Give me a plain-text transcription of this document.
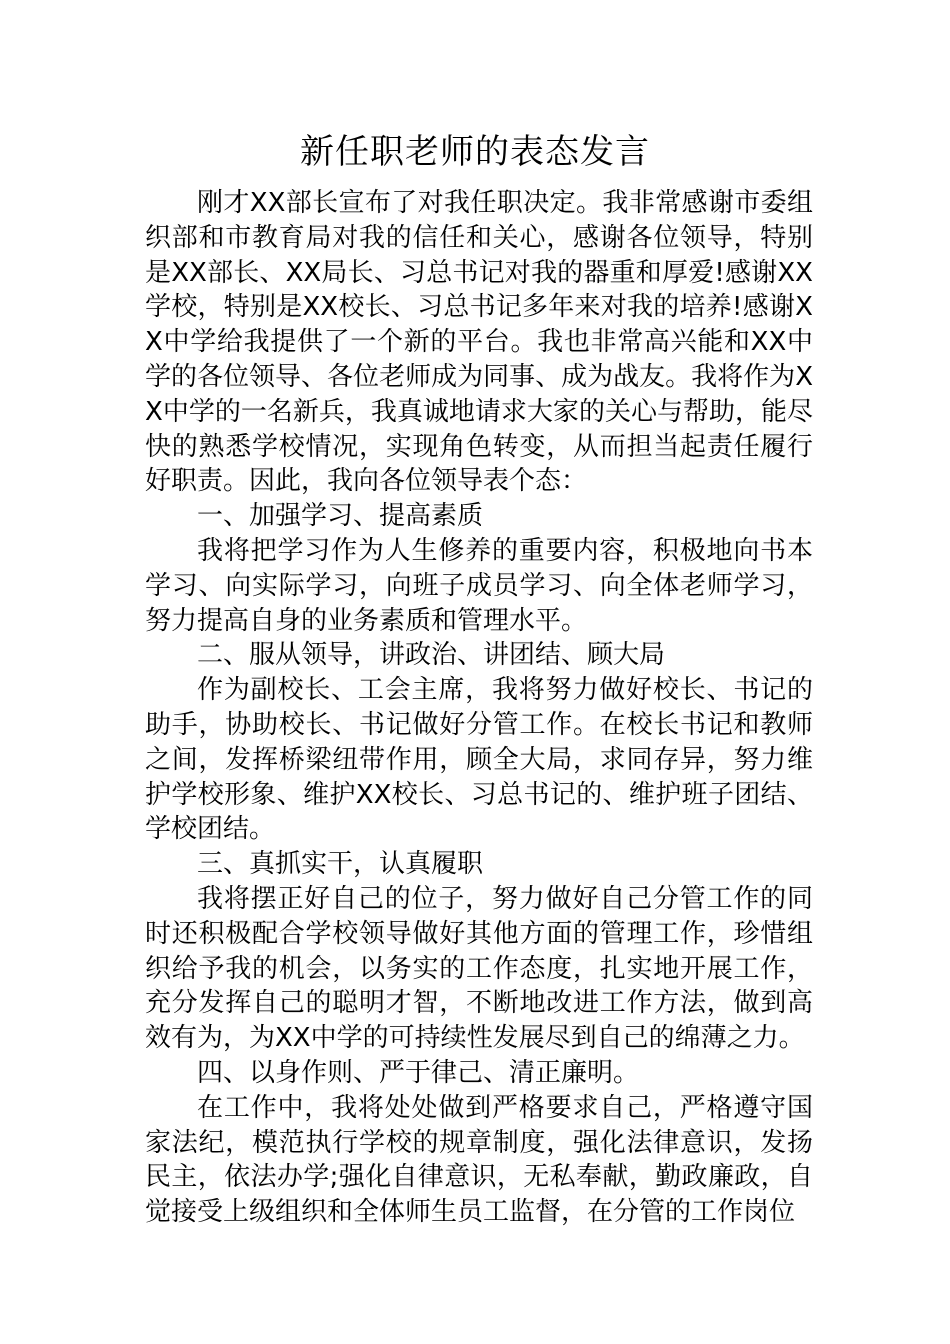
新任职老师的表态发言

刚才XX部长宣布了对我任职决定。我非常感谢市委组织部和市教育局对我的信任和关心，感谢各位领导，特别是XX部长、XX局长、习总书记对我的器重和厚爱!感谢XX学校，特别是XX校长、习总书记多年来对我的培养!感谢XX中学给我提供了一个新的平台。我也非常高兴能和XX中学的各位领导、各位老师成为同事、成为战友。我将作为XX中学的一名新兵，我真诚地请求大家的关心与帮助，能尽快的熟悉学校情况，实现角色转变，从而担当起责任履行好职责。因此，我向各位领导表个态：

一、加强学习、提高素质

我将把学习作为人生修养的重要内容，积极地向书本学习、向实际学习，向班子成员学习、向全体老师学习，努力提高自身的业务素质和管理水平。

二、服从领导，讲政治、讲团结、顾大局

作为副校长、工会主席，我将努力做好校长、书记的助手，协助校长、书记做好分管工作。在校长书记和教师之间，发挥桥梁纽带作用，顾全大局，求同存异，努力维护学校形象、维护XX校长、习总书记的、维护班子团结、学校团结。

三、真抓实干，认真履职

我将摆正好自己的位子，努力做好自己分管工作的同时还积极配合学校领导做好其他方面的管理工作，珍惜组织给予我的机会，以务实的工作态度，扎实地开展工作，充分发挥自己的聪明才智，不断地改进工作方法，做到高效有为，为XX中学的可持续性发展尽到自己的绵薄之力。

四、以身作则、严于律己、清正廉明。

在工作中，我将处处做到严格要求自己，严格遵守国家法纪，模范执行学校的规章制度，强化法律意识，发扬民主，依法办学;强化自律意识，无私奉献，勤政廉政，自觉接受上级组织和全体师生员工监督，在分管的工作岗位
